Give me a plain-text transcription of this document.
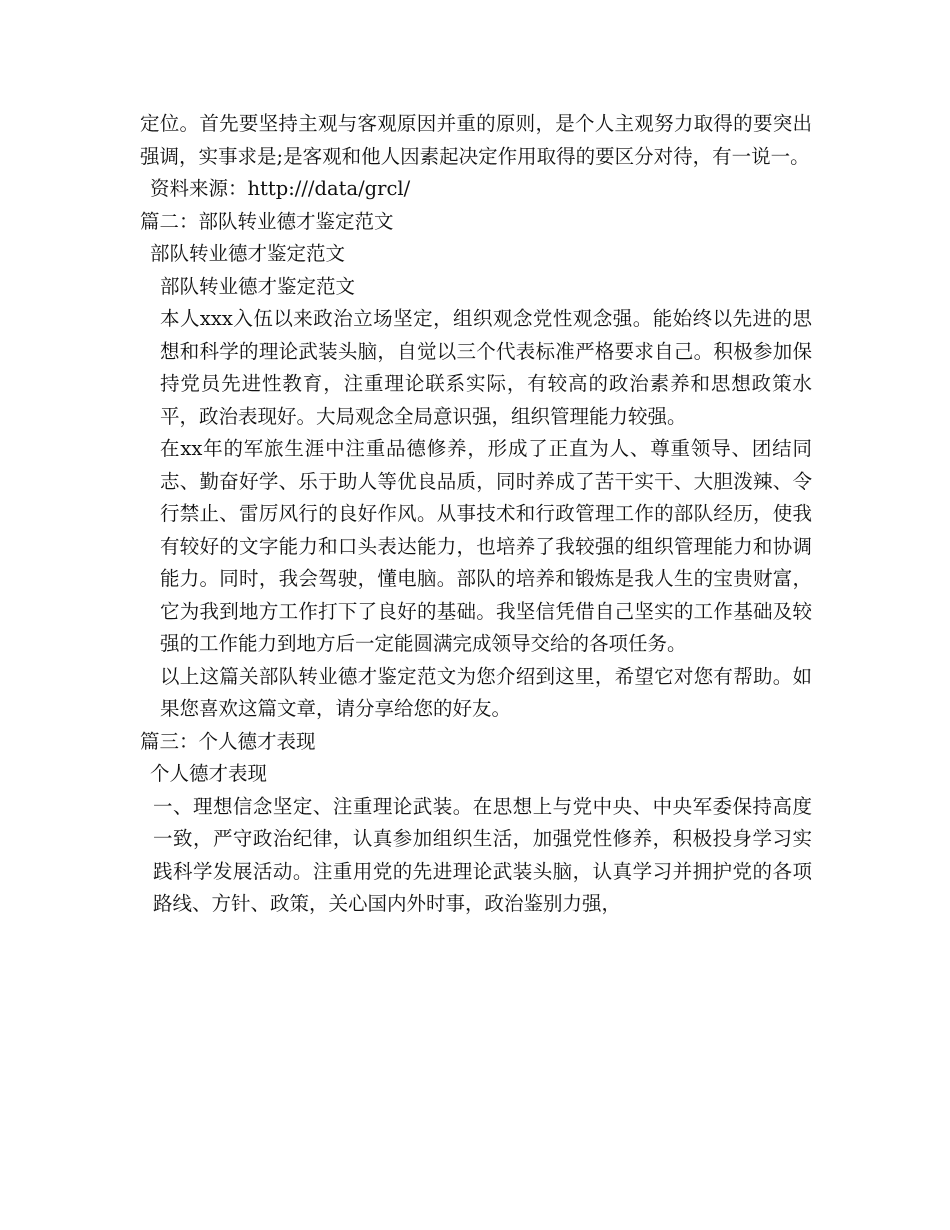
定位。首先要坚持主观与客观原因并重的原则，是个人主观努力取得的要突出强调，实事求是;是客观和他人因素起决定作用取得的要区分对待，有一说一。

资料来源：http:///data/grcl/

篇二：部队转业德才鉴定范文

部队转业德才鉴定范文

部队转业德才鉴定范文

本人xxx入伍以来政治立场坚定，组织观念党性观念强。能始终以先进的思想和科学的理论武装头脑，自觉以三个代表标准严格要求自己。积极参加保持党员先进性教育，注重理论联系实际，有较高的政治素养和思想政策水平，政治表现好。大局观念全局意识强，组织管理能力较强。

在xx年的军旅生涯中注重品德修养，形成了正直为人、尊重领导、团结同志、勤奋好学、乐于助人等优良品质，同时养成了苦干实干、大胆泼辣、令行禁止、雷厉风行的良好作风。从事技术和行政管理工作的部队经历，使我有较好的文字能力和口头表达能力，也培养了我较强的组织管理能力和协调能力。同时，我会驾驶，懂电脑。部队的培养和锻炼是我人生的宝贵财富，它为我到地方工作打下了良好的基础。我坚信凭借自己坚实的工作基础及较强的工作能力到地方后一定能圆满完成领导交给的各项任务。

以上这篇关部队转业德才鉴定范文为您介绍到这里，希望它对您有帮助。如果您喜欢这篇文章，请分享给您的好友。

篇三：个人德才表现

个人德才表现

一、理想信念坚定、注重理论武装。在思想上与党中央、中央军委保持高度一致，严守政治纪律，认真参加组织生活，加强党性修养，积极投身学习实践科学发展活动。注重用党的先进理论武装头脑，认真学习并拥护党的各项路线、方针、政策，关心国内外时事，政治鉴别力强，
